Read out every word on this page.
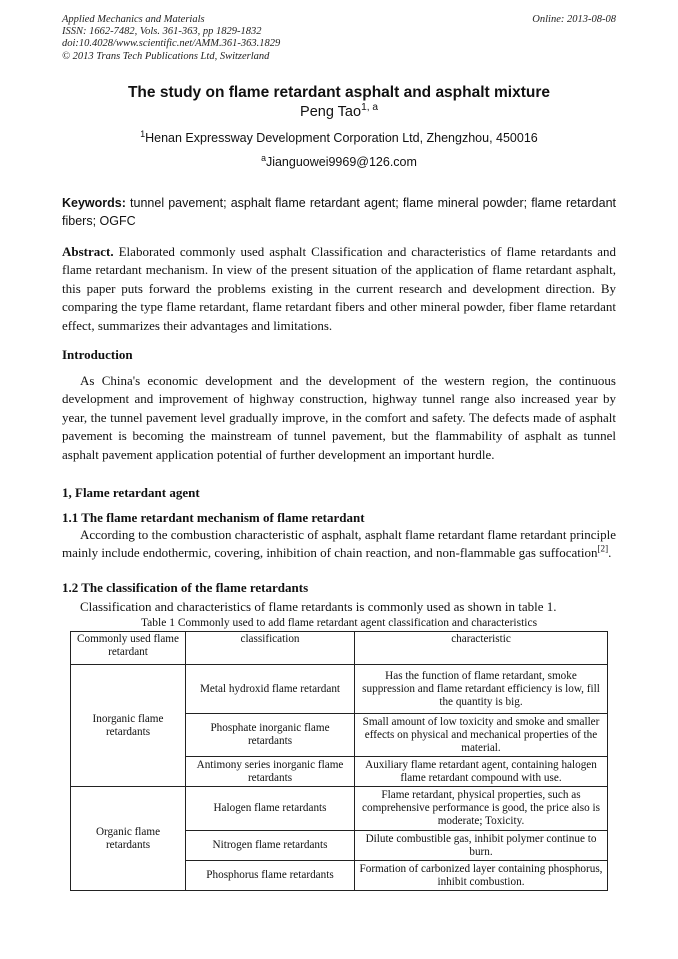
Applied Mechanics and Materials
ISSN: 1662-7482, Vols. 361-363, pp 1829-1832
doi:10.4028/www.scientific.net/AMM.361-363.1829
© 2013 Trans Tech Publications Ltd, Switzerland
Online: 2013-08-08
The study on flame retardant asphalt and asphalt mixture
Peng Tao$^{1, a}$
$^1$Henan Expressway Development Corporation Ltd, Zhengzhou, 450016
$^a$Jianguowei9969@126.com
Keywords: tunnel pavement; asphalt flame retardant agent; flame mineral powder; flame retardant fibers; OGFC
Abstract. Elaborated commonly used asphalt Classification and characteristics of flame retardants and flame retardant mechanism. In view of the present situation of the application of flame retardant asphalt, this paper puts forward the problems existing in the current research and development direction. By comparing the type flame retardant, flame retardant fibers and other mineral powder, fiber flame retardant effect, summarizes their advantages and limitations.
Introduction
As China's economic development and the development of the western region, the continuous development and improvement of highway construction, highway tunnel range also increased year by year, the tunnel pavement level gradually improve, in the comfort and safety. The defects made of asphalt pavement is becoming the mainstream of tunnel pavement, but the flammability of asphalt as tunnel asphalt pavement application potential of further development an important hurdle.
1, Flame retardant agent
1.1 The flame retardant mechanism of flame retardant
According to the combustion characteristic of asphalt, asphalt flame retardant flame retardant principle mainly include endothermic, covering, inhibition of chain reaction, and non-flammable gas suffocation[2].
1.2 The classification of the flame retardants
Classification and characteristics of flame retardants is commonly used as shown in table 1.
Table 1 Commonly used to add flame retardant agent classification and characteristics
Commonly used flame retardant	classification	characteristic
Inorganic flame retardants	Metal hydroxid flame retardant	Has the function of flame retardant, smoke suppression and flame retardant efficiency is low, fill the quantity is big.
	Phosphate inorganic flame retardants	Small amount of low toxicity and smoke and smaller effects on physical and mechanical properties of the material.
	Antimony series inorganic flame retardants	Auxiliary flame retardant agent, containing halogen flame retardant compound with use.
Organic flame retardants	Halogen flame retardants	Flame retardant, physical properties, such as comprehensive performance is good, the price also is moderate; Toxicity.
	Nitrogen flame retardants	Dilute combustible gas, inhibit polymer continue to burn.
	Phosphorus flame retardants	Formation of carbonized layer containing phosphorus, inhibit combustion.
